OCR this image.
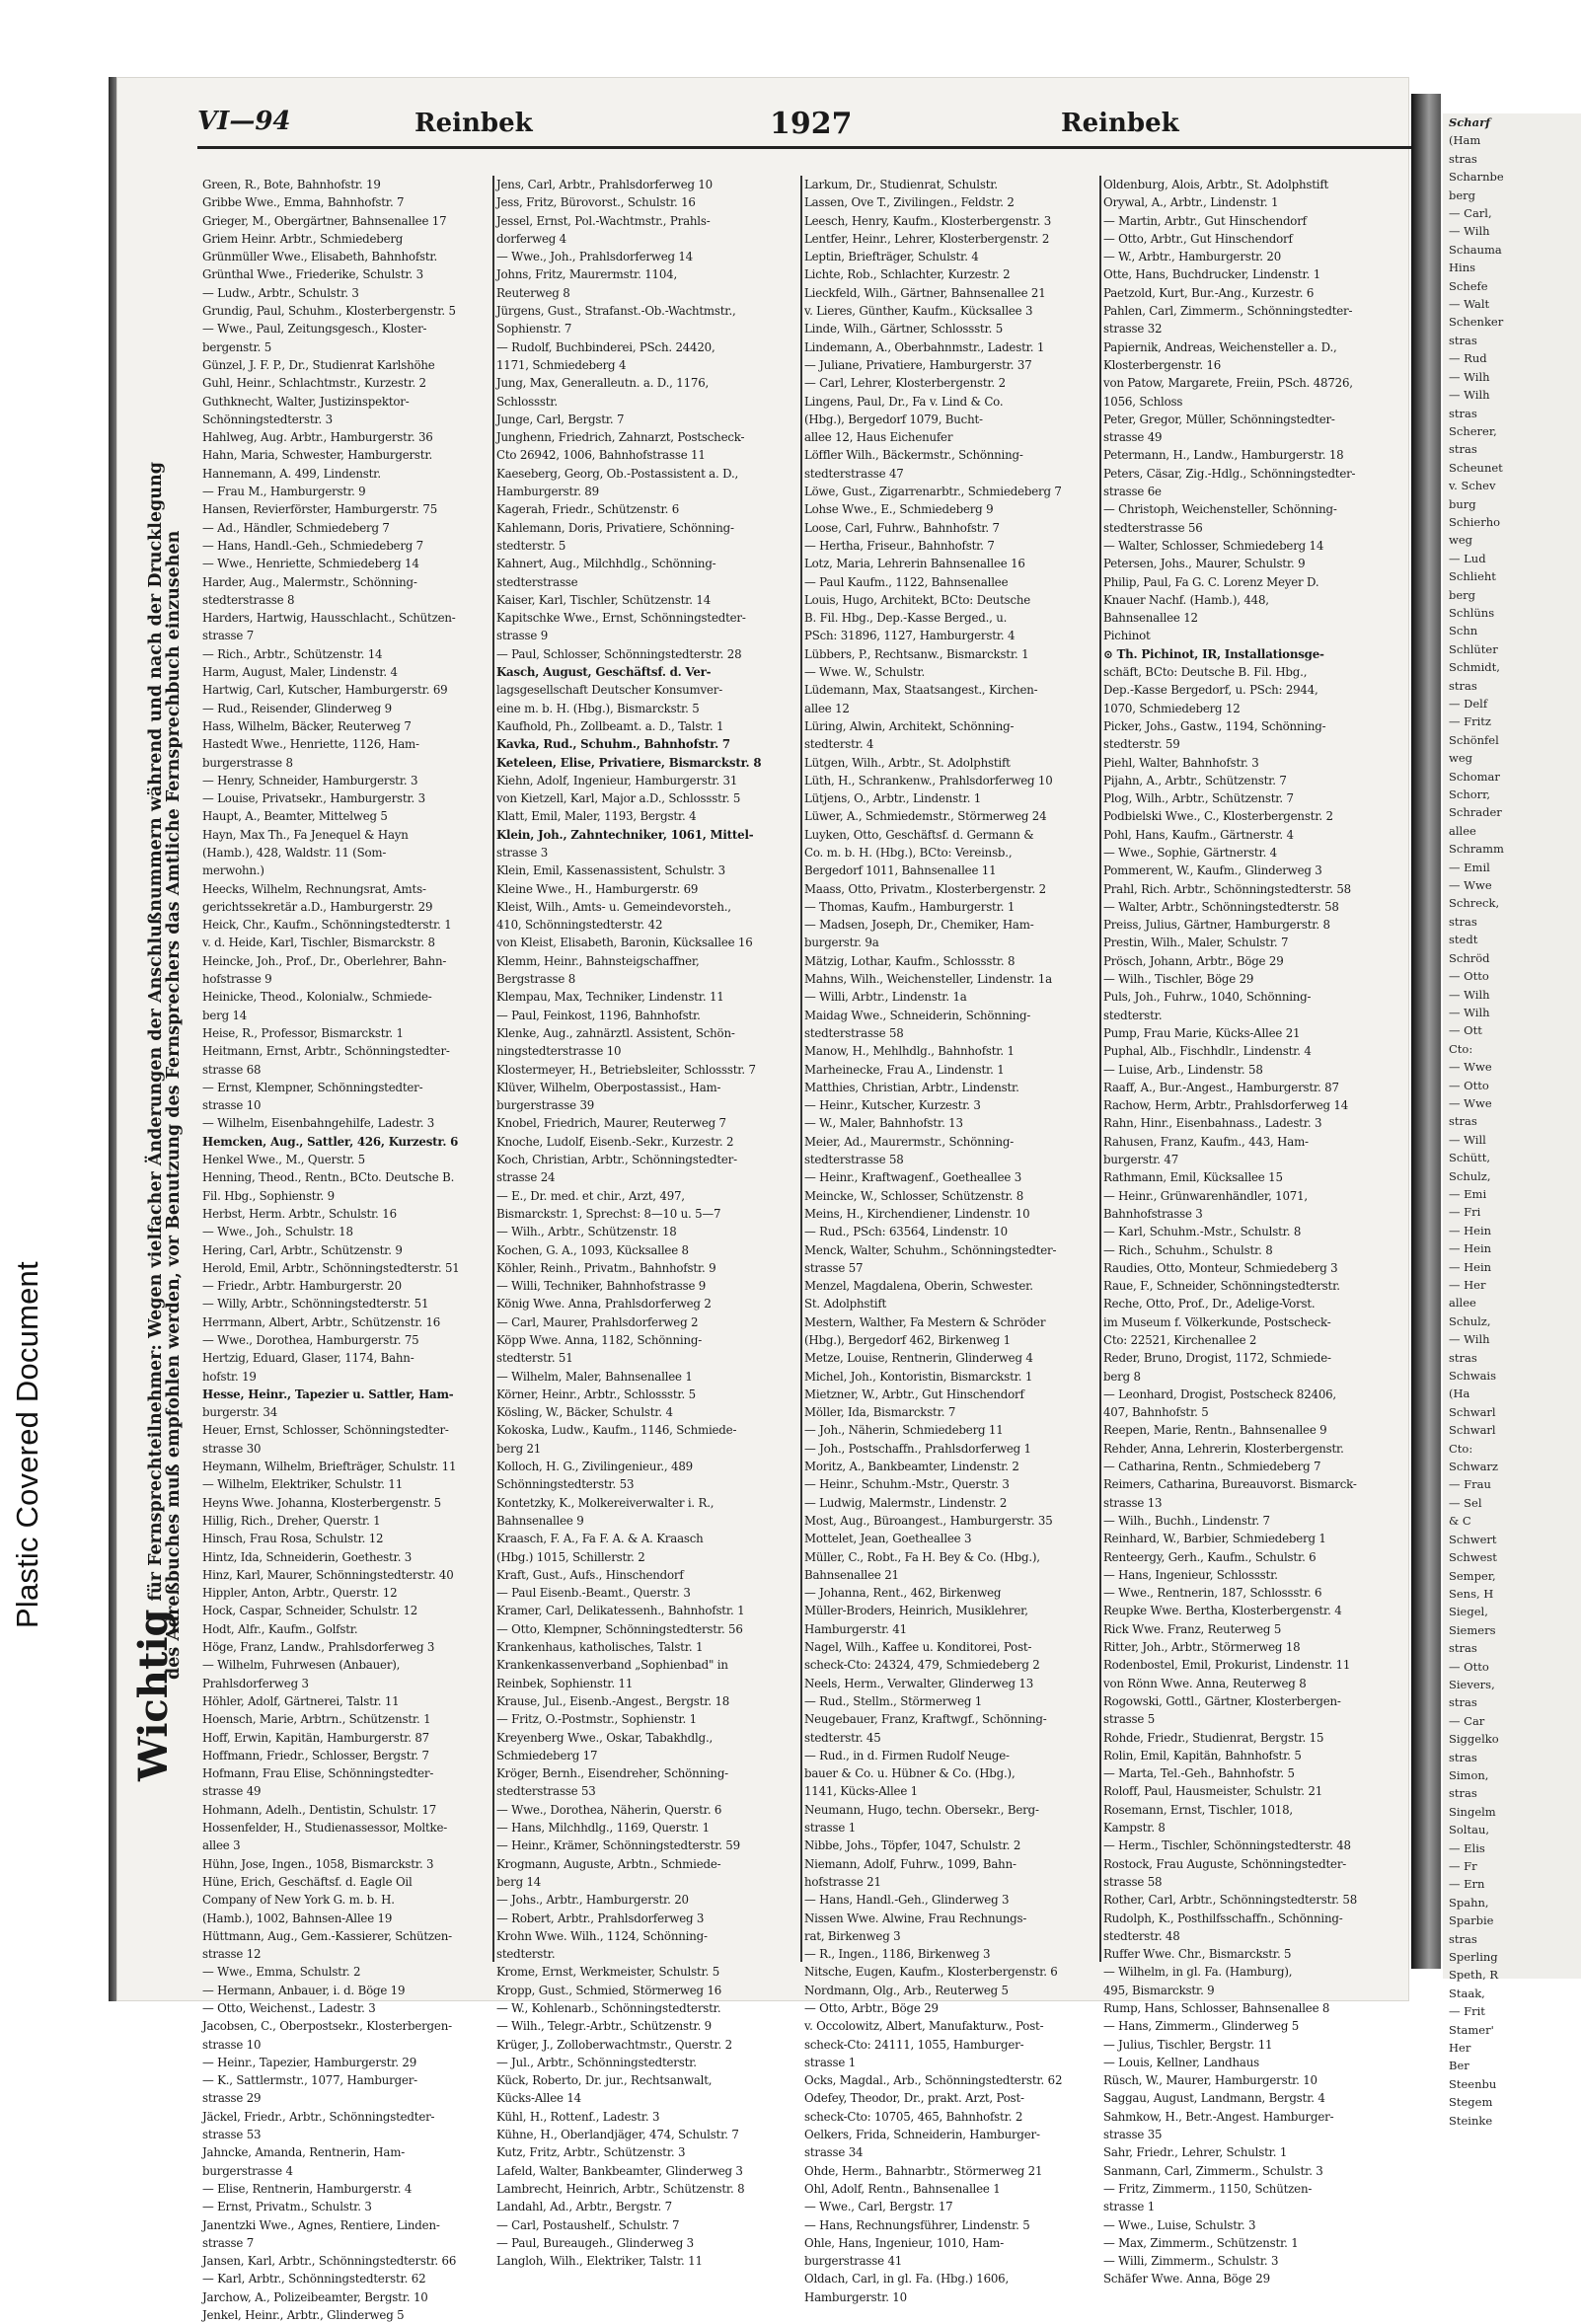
Scharf
(Ham
stras
Scharnbe
berg
— Carl,
— Wilh
Schauma
Hins
Schefe
— Walt
Schenker
stras
— Rud
— Wilh
— Wilh
stras
Scherer,
stras
Scheunet
v. Schev
burg
Schierho
weg
— Lud
Schlieht
berg
Schlüns
Schn
Schlüter
Schmidt,
stras
— Delf
— Fritz
Schönfel
weg
Schomar
Schorr,
Schrader
allee
Schramm
— Emil
— Wwe
Schreck,
stras
stedt
Schröd
— Otto
— Wilh
— Wilh
— Ott
Cto:
— Wwe
— Otto
— Wwe
stras
— Will
Schütt,
Schulz,
— Emi
— Fri
— Hein
— Hein
— Hein
— Her
allee
Schulz,
— Wilh
stras
Schwais
(Ha
Schwarl
Schwarl
Cto:
Schwarz
— Frau
— Sel
& C
Schwert
Schwest
Semper,
Sens, H
Siegel,
Siemers
stras
— Otto
Sievers,
stras
— Car
Siggelko
stras
Simon,
stras
Singelm
Soltau,
— Elis
— Fr
— Ern
Spahn,
Sparbie
stras
Sperling
Speth, R
Staak,
— Frit
Stamer'
Her
Ber
Steenbu
Stegem
Steinke
Plastic Covered Document
VI—94	Reinbek	1927	Reinbek
Wichtigfür Fernsprechteilnehmer: Wegen vielfacher Änderungen der Anschlußnummern während und nach der Drucklegung
des Adreßbuches muß empfohlen werden, vor Benutzung des Fernsprechers das Amtliche Fernsprechbuch einzusehen
Green, R., Bote, Bahnhofstr. 19
Gribbe Wwe., Emma, Bahnhofstr. 7
Grieger, M., Obergärtner, Bahnsenallee 17
Griem Heinr. Arbtr., Schmiedeberg
Grünmüller Wwe., Elisabeth, Bahnhofstr.
Grünthal Wwe., Friederike, Schulstr. 3
— Ludw., Arbtr., Schulstr. 3
Grundig, Paul, Schuhm., Klosterbergenstr. 5
— Wwe., Paul, Zeitungsgesch., Kloster-
bergenstr. 5
Günzel, J. F. P., Dr., Studienrat Karlshöhe
Guhl, Heinr., Schlachtmstr., Kurzestr. 2
Guthknecht, Walter, Justizinspektor-
Schönningstedterstr. 3
Hahlweg, Aug. Arbtr., Hamburgerstr. 36
Hahn, Maria, Schwester, Hamburgerstr.
Hannemann, A. 499, Lindenstr.
— Frau M., Hamburgerstr. 9
Hansen, Revierförster, Hamburgerstr. 75
— Ad., Händler, Schmiedeberg 7
— Hans, Handl.-Geh., Schmiedeberg 7
— Wwe., Henriette, Schmiedeberg 14
Harder, Aug., Malermstr., Schönning-
stedterstrasse 8
Harders, Hartwig, Hausschlacht., Schützen-
strasse 7
— Rich., Arbtr., Schützenstr. 14
Harm, August, Maler, Lindenstr. 4
Hartwig, Carl, Kutscher, Hamburgerstr. 69
— Rud., Reisender, Glinderweg 9
Hass, Wilhelm, Bäcker, Reuterweg 7
Hastedt Wwe., Henriette, 1126, Ham-
burgerstrasse 8
— Henry, Schneider, Hamburgerstr. 3
— Louise, Privatsekr., Hamburgerstr. 3
Haupt, A., Beamter, Mittelweg 5
Hayn, Max Th., Fa Jenequel & Hayn
(Hamb.), 428, Waldstr. 11 (Som-
merwohn.)
Heecks, Wilhelm, Rechnungsrat, Amts-
gerichtssekretär a.D., Hamburgerstr. 29
Heick, Chr., Kaufm., Schönningstedterstr. 1
v. d. Heide, Karl, Tischler, Bismarckstr. 8
Heincke, Joh., Prof., Dr., Oberlehrer, Bahn-
hofstrasse 9
Heinicke, Theod., Kolonialw., Schmiede-
berg 14
Heise, R., Professor, Bismarckstr. 1
Heitmann, Ernst, Arbtr., Schönningstedter-
strasse 68
— Ernst, Klempner, Schönningstedter-
strasse 10
— Wilhelm, Eisenbahngehilfe, Ladestr. 3
Hemcken, Aug., Sattler, 426, Kurzestr. 6
Henkel Wwe., M., Querstr. 5
Henning, Theod., Rentn., BCto. Deutsche B.
Fil. Hbg., Sophienstr. 9
Herbst, Herm. Arbtr., Schulstr. 16
— Wwe., Joh., Schulstr. 18
Hering, Carl, Arbtr., Schützenstr. 9
Herold, Emil, Arbtr., Schönningstedterstr. 51
— Friedr., Arbtr. Hamburgerstr. 20
— Willy, Arbtr., Schönningstedterstr. 51
Herrmann, Albert, Arbtr., Schützenstr. 16
— Wwe., Dorothea, Hamburgerstr. 75
Hertzig, Eduard, Glaser, 1174, Bahn-
hofstr. 19
Hesse, Heinr., Tapezier u. Sattler, Ham-
burgerstr. 34
Heuer, Ernst, Schlosser, Schönningstedter-
strasse 30
Heymann, Wilhelm, Briefträger, Schulstr. 11
— Wilhelm, Elektriker, Schulstr. 11
Heyns Wwe. Johanna, Klosterbergenstr. 5
Hillig, Rich., Dreher, Querstr. 1
Hinsch, Frau Rosa, Schulstr. 12
Hintz, Ida, Schneiderin, Goethestr. 3
Hinz, Karl, Maurer, Schönningstedterstr. 40
Hippler, Anton, Arbtr., Querstr. 12
Hock, Caspar, Schneider, Schulstr. 12
Hodt, Alfr., Kaufm., Golfstr.
Höge, Franz, Landw., Prahlsdorferweg 3
— Wilhelm, Fuhrwesen (Anbauer),
Prahlsdorferweg 3
Höhler, Adolf, Gärtnerei, Talstr. 11
Hoensch, Marie, Arbtrn., Schützenstr. 1
Hoff, Erwin, Kapitän, Hamburgerstr. 87
Hoffmann, Friedr., Schlosser, Bergstr. 7
Hofmann, Frau Elise, Schönningstedter-
strasse 49
Hohmann, Adelh., Dentistin, Schulstr. 17
Hossenfelder, H., Studienassessor, Moltke-
allee 3
Hühn, Jose, Ingen., 1058, Bismarckstr. 3
Hüne, Erich, Geschäftsf. d. Eagle Oil
Company of New York G. m. b. H.
(Hamb.), 1002, Bahnsen-Allee 19
Hüttmann, Aug., Gem.-Kassierer, Schützen-
strasse 12
— Wwe., Emma, Schulstr. 2
— Hermann, Anbauer, i. d. Böge 19
— Otto, Weichenst., Ladestr. 3
Jacobsen, C., Oberpostsekr., Klosterbergen-
strasse 10
— Heinr., Tapezier, Hamburgerstr. 29
— K., Sattlermstr., 1077, Hamburger-
strasse 29
Jäckel, Friedr., Arbtr., Schönningstedter-
strasse 53
Jahncke, Amanda, Rentnerin, Ham-
burgerstrasse 4
— Elise, Rentnerin, Hamburgerstr. 4
— Ernst, Privatm., Schulstr. 3
Janentzki Wwe., Agnes, Rentiere, Linden-
strasse 7
Jansen, Karl, Arbtr., Schönningstedterstr. 66
— Karl, Arbtr., Schönningstedterstr. 62
Jarchow, A., Polizeibeamter, Bergstr. 10
Jenkel, Heinr., Arbtr., Glinderweg 5
Jens, Carl, Arbtr., Prahlsdorferweg 10
Jess, Fritz, Bürovorst., Schulstr. 16
Jessel, Ernst, Pol.-Wachtmstr., Prahls-
dorferweg 4
— Wwe., Joh., Prahlsdorferweg 14
Johns, Fritz, Maurermstr. 1104,
Reuterweg 8
Jürgens, Gust., Strafanst.-Ob.-Wachtmstr.,
Sophienstr. 7
— Rudolf, Buchbinderei, PSch. 24420,
1171, Schmiedeberg 4
Jung, Max, Generalleutn. a. D., 1176,
Schlossstr.
Junge, Carl, Bergstr. 7
Junghenn, Friedrich, Zahnarzt, Postscheck-
Cto 26942, 1006, Bahnhofstrasse 11
Kaeseberg, Georg, Ob.-Postassistent a. D.,
Hamburgerstr. 89
Kagerah, Friedr., Schützenstr. 6
Kahlemann, Doris, Privatiere, Schönning-
stedterstr. 5
Kahnert, Aug., Milchhdlg., Schönning-
stedterstrasse
Kaiser, Karl, Tischler, Schützenstr. 14
Kapitschke Wwe., Ernst, Schönningstedter-
strasse 9
— Paul, Schlosser, Schönningstedterstr. 28
Kasch, August, Geschäftsf. d. Ver-
lagsgesellschaft Deutscher Konsumver-
eine m. b. H. (Hbg.), Bismarckstr. 5
Kaufhold, Ph., Zollbeamt. a. D., Talstr. 1
Kavka, Rud., Schuhm., Bahnhofstr. 7
Keteleen, Elise, Privatiere, Bismarckstr. 8
Kiehn, Adolf, Ingenieur, Hamburgerstr. 31
von Kietzell, Karl, Major a.D., Schlossstr. 5
Klatt, Emil, Maler, 1193, Bergstr. 4
Klein, Joh., Zahntechniker, 1061, Mittel-
strasse 3
Klein, Emil, Kassenassistent, Schulstr. 3
Kleine Wwe., H., Hamburgerstr. 69
Kleist, Wilh., Amts- u. Gemeindevorsteh.,
410, Schönningstedterstr. 42
von Kleist, Elisabeth, Baronin, Kücksallee 16
Klemm, Heinr., Bahnsteigschaffner,
Bergstrasse 8
Klempau, Max, Techniker, Lindenstr. 11
— Paul, Feinkost, 1196, Bahnhofstr.
Klenke, Aug., zahnärztl. Assistent, Schön-
ningstedterstrasse 10
Klostermeyer, H., Betriebsleiter, Schlossstr. 7
Klüver, Wilhelm, Oberpostassist., Ham-
burgerstrasse 39
Knobel, Friedrich, Maurer, Reuterweg 7
Knoche, Ludolf, Eisenb.-Sekr., Kurzestr. 2
Koch, Christian, Arbtr., Schönningstedter-
strasse 24
— E., Dr. med. et chir., Arzt, 497,
Bismarckstr. 1, Sprechst: 8—10 u. 5—7
— Wilh., Arbtr., Schützenstr. 18
Kochen, G. A., 1093, Kücksallee 8
Köhler, Reinh., Privatm., Bahnhofstr. 9
— Willi, Techniker, Bahnhofstrasse 9
König Wwe. Anna, Prahlsdorferweg 2
— Carl, Maurer, Prahlsdorferweg 2
Köpp Wwe. Anna, 1182, Schönning-
stedterstr. 51
— Wilhelm, Maler, Bahnsenallee 1
Körner, Heinr., Arbtr., Schlossstr. 5
Kösling, W., Bäcker, Schulstr. 4
Kokoska, Ludw., Kaufm., 1146, Schmiede-
berg 21
Kolloch, H. G., Zivilingenieur., 489
Schönningstedterstr. 53
Kontetzky, K., Molkereiverwalter i. R.,
Bahnsenallee 9
Kraasch, F. A., Fa F. A. & A. Kraasch
(Hbg.) 1015, Schillerstr. 2
Kraft, Gust., Aufs., Hinschendorf
— Paul Eisenb.-Beamt., Querstr. 3
Kramer, Carl, Delikatessenh., Bahnhofstr. 1
— Otto, Klempner, Schönningstedterstr. 56
Krankenhaus, katholisches, Talstr. 1
Krankenkassenverband „Sophienbad" in
Reinbek, Sophienstr. 11
Krause, Jul., Eisenb.-Angest., Bergstr. 18
— Fritz, O.-Postmstr., Sophienstr. 1
Kreyenberg Wwe., Oskar, Tabakhdlg.,
Schmiedeberg 17
Kröger, Bernh., Eisendreher, Schönning-
stedterstrasse 53
— Wwe., Dorothea, Näherin, Querstr. 6
— Hans, Milchhdlg., 1169, Querstr. 1
— Heinr., Krämer, Schönningstedterstr. 59
Krogmann, Auguste, Arbtn., Schmiede-
berg 14
— Johs., Arbtr., Hamburgerstr. 20
— Robert, Arbtr., Prahlsdorferweg 3
Krohn Wwe. Wilh., 1124, Schönning-
stedterstr.
Krome, Ernst, Werkmeister, Schulstr. 5
Kropp, Gust., Schmied, Störmerweg 16
— W., Kohlenarb., Schönningstedterstr.
— Wilh., Telegr.-Arbtr., Schützenstr. 9
Krüger, J., Zolloberwachtmstr., Querstr. 2
— Jul., Arbtr., Schönningstedterstr.
Kück, Roberto, Dr. jur., Rechtsanwalt,
Kücks-Allee 14
Kühl, H., Rottenf., Ladestr. 3
Kühne, H., Oberlandjäger, 474, Schulstr. 7
Kutz, Fritz, Arbtr., Schützenstr. 3
Lafeld, Walter, Bankbeamter, Glinderweg 3
Lambrecht, Heinrich, Arbtr., Schützenstr. 8
Landahl, Ad., Arbtr., Bergstr. 7
— Carl, Postaushelf., Schulstr. 7
— Paul, Bureaugeh., Glinderweg 3
Langloh, Wilh., Elektriker, Talstr. 11
Larkum, Dr., Studienrat, Schulstr.
Lassen, Ove T., Zivilingen., Feldstr. 2
Leesch, Henry, Kaufm., Klosterbergenstr. 3
Lentfer, Heinr., Lehrer, Klosterbergenstr. 2
Leptin, Briefträger, Schulstr. 4
Lichte, Rob., Schlachter, Kurzestr. 2
Lieckfeld, Wilh., Gärtner, Bahnsenallee 21
v. Lieres, Günther, Kaufm., Kücksallee 3
Linde, Wilh., Gärtner, Schlossstr. 5
Lindemann, A., Oberbahnmstr., Ladestr. 1
— Juliane, Privatiere, Hamburgerstr. 37
— Carl, Lehrer, Klosterbergenstr. 2
Lingens, Paul, Dr., Fa v. Lind & Co.
(Hbg.), Bergedorf 1079, Bucht-
allee 12, Haus Eichenufer
Löffler Wilh., Bäckermstr., Schönning-
stedterstrasse 47
Löwe, Gust., Zigarrenarbtr., Schmiedeberg 7
Lohse Wwe., E., Schmiedeberg 9
Loose, Carl, Fuhrw., Bahnhofstr. 7
— Hertha, Friseur., Bahnhofstr. 7
Lotz, Maria, Lehrerin Bahnsenallee 16
— Paul Kaufm., 1122, Bahnsenallee
Louis, Hugo, Architekt, BCto: Deutsche
B. Fil. Hbg., Dep.-Kasse Berged., u.
PSch: 31896, 1127, Hamburgerstr. 4
Lübbers, P., Rechtsanw., Bismarckstr. 1
— Wwe. W., Schulstr.
Lüdemann, Max, Staatsangest., Kirchen-
allee 12
Lüring, Alwin, Architekt, Schönning-
stedterstr. 4
Lütgen, Wilh., Arbtr., St. Adolphstift
Lüth, H., Schrankenw., Prahlsdorferweg 10
Lütjens, O., Arbtr., Lindenstr. 1
Lüwer, A., Schmiedemstr., Störmerweg 24
Luyken, Otto, Geschäftsf. d. Germann &
Co. m. b. H. (Hbg.), BCto: Vereinsb.,
Bergedorf 1011, Bahnsenallee 11
Maass, Otto, Privatm., Klosterbergenstr. 2
— Thomas, Kaufm., Hamburgerstr. 1
— Madsen, Joseph, Dr., Chemiker, Ham-
burgerstr. 9a
Mätzig, Lothar, Kaufm., Schlossstr. 8
Mahns, Wilh., Weichensteller, Lindenstr. 1a
— Willi, Arbtr., Lindenstr. 1a
Maidag Wwe., Schneiderin, Schönning-
stedterstrasse 58
Manow, H., Mehlhdlg., Bahnhofstr. 1
Marheinecke, Frau A., Lindenstr. 1
Matthies, Christian, Arbtr., Lindenstr.
— Heinr., Kutscher, Kurzestr. 3
— W., Maler, Bahnhofstr. 13
Meier, Ad., Maurermstr., Schönning-
stedterstrasse 58
— Heinr., Kraftwagenf., Goetheallee 3
Meincke, W., Schlosser, Schützenstr. 8
Meins, H., Kirchendiener, Lindenstr. 10
— Rud., PSch: 63564, Lindenstr. 10
Menck, Walter, Schuhm., Schönningstedter-
strasse 57
Menzel, Magdalena, Oberin, Schwester.
St. Adolphstift
Mestern, Walther, Fa Mestern & Schröder
(Hbg.), Bergedorf 462, Birkenweg 1
Metze, Louise, Rentnerin, Glinderweg 4
Michel, Joh., Kontoristin, Bismarckstr. 1
Mietzner, W., Arbtr., Gut Hinschendorf
Möller, Ida, Bismarckstr. 7
— Joh., Näherin, Schmiedeberg 11
— Joh., Postschaffn., Prahlsdorferweg 1
Moritz, A., Bankbeamter, Lindenstr. 2
— Heinr., Schuhm.-Mstr., Querstr. 3
— Ludwig, Malermstr., Lindenstr. 2
Most, Aug., Büroangest., Hamburgerstr. 35
Mottelet, Jean, Goetheallee 3
Müller, C., Robt., Fa H. Bey & Co. (Hbg.),
Bahnsenallee 21
— Johanna, Rent., 462, Birkenweg
Müller-Broders, Heinrich, Musiklehrer,
Hamburgerstr. 41
Nagel, Wilh., Kaffee u. Konditorei, Post-
scheck-Cto: 24324, 479, Schmiedeberg 2
Neels, Herm., Verwalter, Glinderweg 13
— Rud., Stellm., Störmerweg 1
Neugebauer, Franz, Kraftwgf., Schönning-
stedterstr. 45
— Rud., in d. Firmen Rudolf Neuge-
bauer & Co. u. Hübner & Co. (Hbg.),
1141, Kücks-Allee 1
Neumann, Hugo, techn. Obersekr., Berg-
strasse 1
Nibbe, Johs., Töpfer, 1047, Schulstr. 2
Niemann, Adolf, Fuhrw., 1099, Bahn-
hofstrasse 21
— Hans, Handl.-Geh., Glinderweg 3
Nissen Wwe. Alwine, Frau Rechnungs-
rat, Birkenweg 3
— R., Ingen., 1186, Birkenweg 3
Nitsche, Eugen, Kaufm., Klosterbergenstr. 6
Nordmann, Olg., Arb., Reuterweg 5
— Otto, Arbtr., Böge 29
v. Occolowitz, Albert, Manufakturw., Post-
scheck-Cto: 24111, 1055, Hamburger-
strasse 1
Ocks, Magdal., Arb., Schönningstedterstr. 62
Odefey, Theodor, Dr., prakt. Arzt, Post-
scheck-Cto: 10705, 465, Bahnhofstr. 2
Oelkers, Frida, Schneiderin, Hamburger-
strasse 34
Ohde, Herm., Bahnarbtr., Störmerweg 21
Ohl, Adolf, Rentn., Bahnsenallee 1
— Wwe., Carl, Bergstr. 17
— Hans, Rechnungsführer, Lindenstr. 5
Ohle, Hans, Ingenieur, 1010, Ham-
burgerstrasse 41
Oldach, Carl, in gl. Fa. (Hbg.) 1606,
Hamburgerstr. 10
Oldenburg, Alois, Arbtr., St. Adolphstift
Orywal, A., Arbtr., Lindenstr. 1
— Martin, Arbtr., Gut Hinschendorf
— Otto, Arbtr., Gut Hinschendorf
— W., Arbtr., Hamburgerstr. 20
Otte, Hans, Buchdrucker, Lindenstr. 1
Paetzold, Kurt, Bur.-Ang., Kurzestr. 6
Pahlen, Carl, Zimmerm., Schönningstedter-
strasse 32
Papiernik, Andreas, Weichensteller a. D.,
Klosterbergenstr. 16
von Patow, Margarete, Freiin, PSch. 48726,
1056, Schloss
Peter, Gregor, Müller, Schönningstedter-
strasse 49
Petermann, H., Landw., Hamburgerstr. 18
Peters, Cäsar, Zig.-Hdlg., Schönningstedter-
strasse 6e
— Christoph, Weichensteller, Schönning-
stedterstrasse 56
— Walter, Schlosser, Schmiedeberg 14
Petersen, Johs., Maurer, Schulstr. 9
Philip, Paul, Fa G. C. Lorenz Meyer D.
Knauer Nachf. (Hamb.), 448,
Bahnsenallee 12
Pichinot
⊙ Th. Pichinot, IR, Installationsge-
schäft, BCto: Deutsche B. Fil. Hbg.,
Dep.-Kasse Bergedorf, u. PSch: 2944,
1070, Schmiedeberg 12
Picker, Johs., Gastw., 1194, Schönning-
stedterstr. 59
Piehl, Walter, Bahnhofstr. 3
Pijahn, A., Arbtr., Schützenstr. 7
Plog, Wilh., Arbtr., Schützenstr. 7
Podbielski Wwe., C., Klosterbergenstr. 2
Pohl, Hans, Kaufm., Gärtnerstr. 4
— Wwe., Sophie, Gärtnerstr. 4
Pommerent, W., Kaufm., Glinderweg 3
Prahl, Rich. Arbtr., Schönningstedterstr. 58
— Walter, Arbtr., Schönningstedterstr. 58
Preiss, Julius, Gärtner, Hamburgerstr. 8
Prestin, Wilh., Maler, Schulstr. 7
Prösch, Johann, Arbtr., Böge 29
— Wilh., Tischler, Böge 29
Puls, Joh., Fuhrw., 1040, Schönning-
stedterstr.
Pump, Frau Marie, Kücks-Allee 21
Puphal, Alb., Fischhdlr., Lindenstr. 4
— Luise, Arb., Lindenstr. 58
Raaff, A., Bur.-Angest., Hamburgerstr. 87
Rachow, Herm, Arbtr., Prahlsdorferweg 14
Rahn, Hinr., Eisenbahnass., Ladestr. 3
Rahusen, Franz, Kaufm., 443, Ham-
burgerstr. 47
Rathmann, Emil, Kücksallee 15
— Heinr., Grünwarenhändler, 1071,
Bahnhofstrasse 3
— Karl, Schuhm.-Mstr., Schulstr. 8
— Rich., Schuhm., Schulstr. 8
Raudies, Otto, Monteur, Schmiedeberg 3
Raue, F., Schneider, Schönningstedterstr.
Reche, Otto, Prof., Dr., Adelige-Vorst.
im Museum f. Völkerkunde, Postscheck-
Cto: 22521, Kirchenallee 2
Reder, Bruno, Drogist, 1172, Schmiede-
berg 8
— Leonhard, Drogist, Postscheck 82406,
407, Bahnhofstr. 5
Reepen, Marie, Rentn., Bahnsenallee 9
Rehder, Anna, Lehrerin, Klosterbergenstr.
— Catharina, Rentn., Schmiedeberg 7
Reimers, Catharina, Bureauvorst. Bismarck-
strasse 13
— Wilh., Buchh., Lindenstr. 7
Reinhard, W., Barbier, Schmiedeberg 1
Renteergy, Gerh., Kaufm., Schulstr. 6
— Hans, Ingenieur, Schlossstr.
— Wwe., Rentnerin, 187, Schlossstr. 6
Reupke Wwe. Bertha, Klosterbergenstr. 4
Rick Wwe. Franz, Reuterweg 5
Ritter, Joh., Arbtr., Störmerweg 18
Rodenbostel, Emil, Prokurist, Lindenstr. 11
von Rönn Wwe. Anna, Reuterweg 8
Rogowski, Gottl., Gärtner, Klosterbergen-
strasse 5
Rohde, Friedr., Studienrat, Bergstr. 15
Rolin, Emil, Kapitän, Bahnhofstr. 5
— Marta, Tel.-Geh., Bahnhofstr. 5
Roloff, Paul, Hausmeister, Schulstr. 21
Rosemann, Ernst, Tischler, 1018,
Kampstr. 8
— Herm., Tischler, Schönningstedterstr. 48
Rostock, Frau Auguste, Schönningstedter-
strasse 58
Rother, Carl, Arbtr., Schönningstedterstr. 58
Rudolph, K., Posthilfsschaffn., Schönning-
stedterstr. 48
Ruffer Wwe. Chr., Bismarckstr. 5
— Wilhelm, in gl. Fa. (Hamburg),
495, Bismarckstr. 9
Rump, Hans, Schlosser, Bahnsenallee 8
— Hans, Zimmerm., Glinderweg 5
— Julius, Tischler, Bergstr. 11
— Louis, Kellner, Landhaus
Rüsch, W., Maurer, Hamburgerstr. 10
Saggau, August, Landmann, Bergstr. 4
Sahmkow, H., Betr.-Angest. Hamburger-
strasse 35
Sahr, Friedr., Lehrer, Schulstr. 1
Sanmann, Carl, Zimmerm., Schulstr. 3
— Fritz, Zimmerm., 1150, Schützen-
strasse 1
— Wwe., Luise, Schulstr. 3
— Max, Zimmerm., Schützenstr. 1
— Willi, Zimmerm., Schulstr. 3
Schäfer Wwe. Anna, Böge 29
